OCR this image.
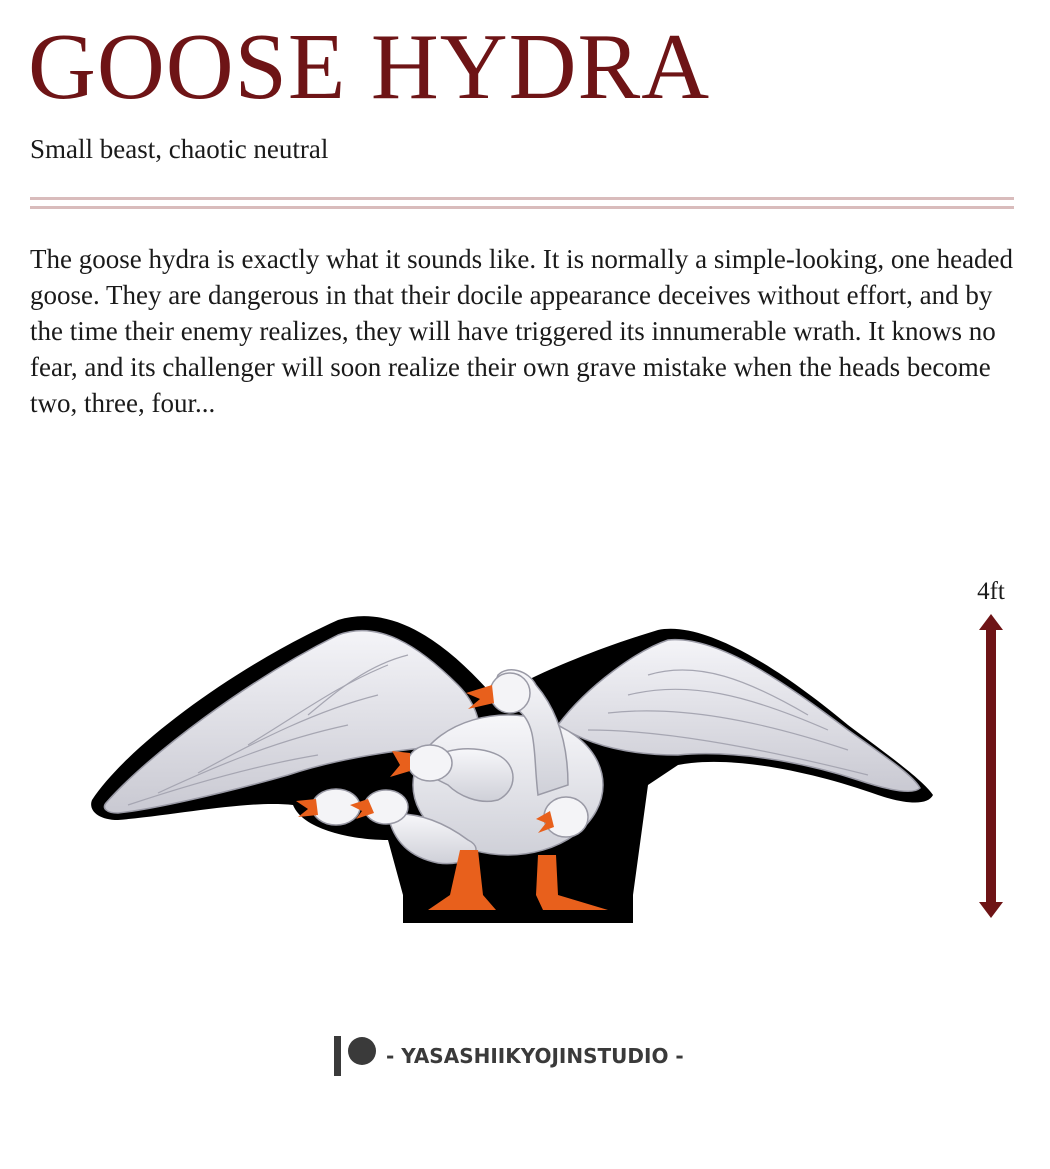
GOOSE HYDRA

Small beast, chaotic neutral

The goose hydra is exactly what it sounds like. It is normally a simple-looking, one headed goose. They are dangerous in that their docile appearance deceives without effort, and by the time their enemy realizes, they will have triggered its innumerable wrath. It knows no fear, and its challenger will soon realize their own grave mistake when the heads become two, three, four...

4ft
- YASASHIIKYOJINSTUDIO -
